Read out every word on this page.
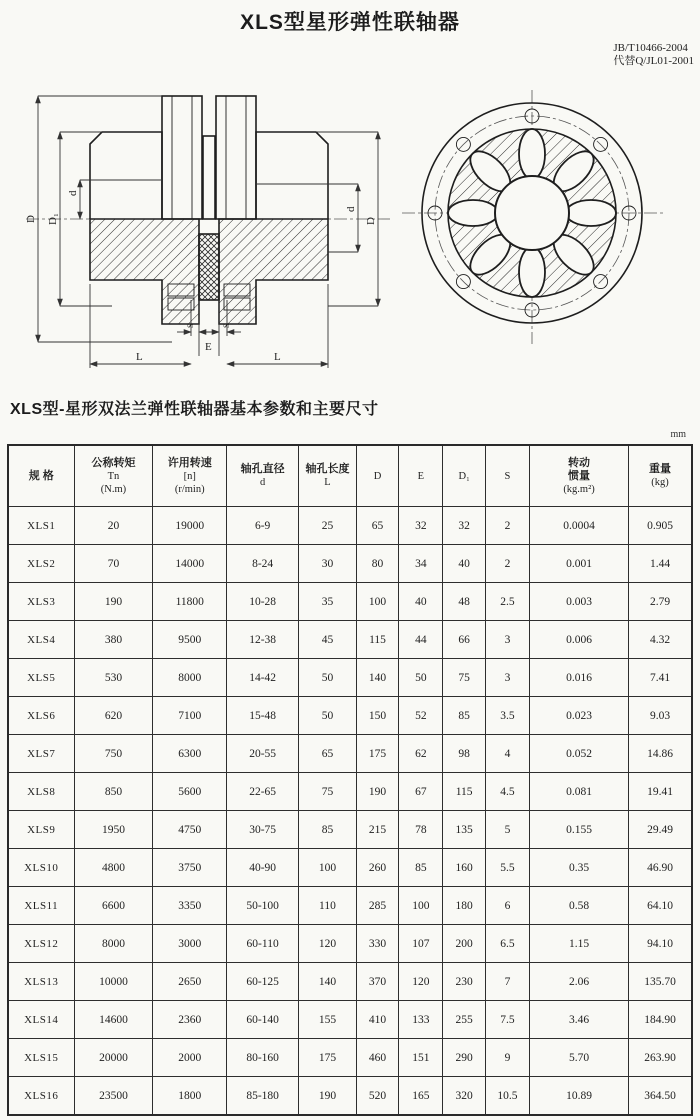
XLS型星形弹性联轴器
JB/T10466-2004
代替Q/JL01-2001
D D₁
d
d
D
S	S
E
L	L
XLS型-星形双法兰弹性联轴器基本参数和主要尺寸
mm
规 格

公称转矩
Tn
(N.m)

许用转速
[n]
(r/min)

轴孔直径
d

轴孔长度
L

D	E	D₁	S

转动
惯量
(kg.m²)

重量
(kg)

XLS1	20	19000	6-9	25	65	32	32	2	0.0004	0.905
XLS2	70	14000	8-24	30	80	34	40	2	0.001	1.44
XLS3	190	11800	10-28	35	100	40	48	2.5	0.003	2.79
XLS4	380	9500	12-38	45	115	44	66	3	0.006	4.32
XLS5	530	8000	14-42	50	140	50	75	3	0.016	7.41
XLS6	620	7100	15-48	50	150	52	85	3.5	0.023	9.03
XLS7	750	6300	20-55	65	175	62	98	4	0.052	14.86
XLS8	850	5600	22-65	75	190	67	115	4.5	0.081	19.41
XLS9	1950	4750	30-75	85	215	78	135	5	0.155	29.49
XLS10	4800	3750	40-90	100	260	85	160	5.5	0.35	46.90
XLS11	6600	3350	50-100	110	285	100	180	6	0.58	64.10
XLS12	8000	3000	60-110	120	330	107	200	6.5	1.15	94.10
XLS13	10000	2650	60-125	140	370	120	230	7	2.06	135.70
XLS14	14600	2360	60-140	155	410	133	255	7.5	3.46	184.90
XLS15	20000	2000	80-160	175	460	151	290	9	5.70	263.90
XLS16	23500	1800	85-180	190	520	165	320	10.5	10.89	364.50
